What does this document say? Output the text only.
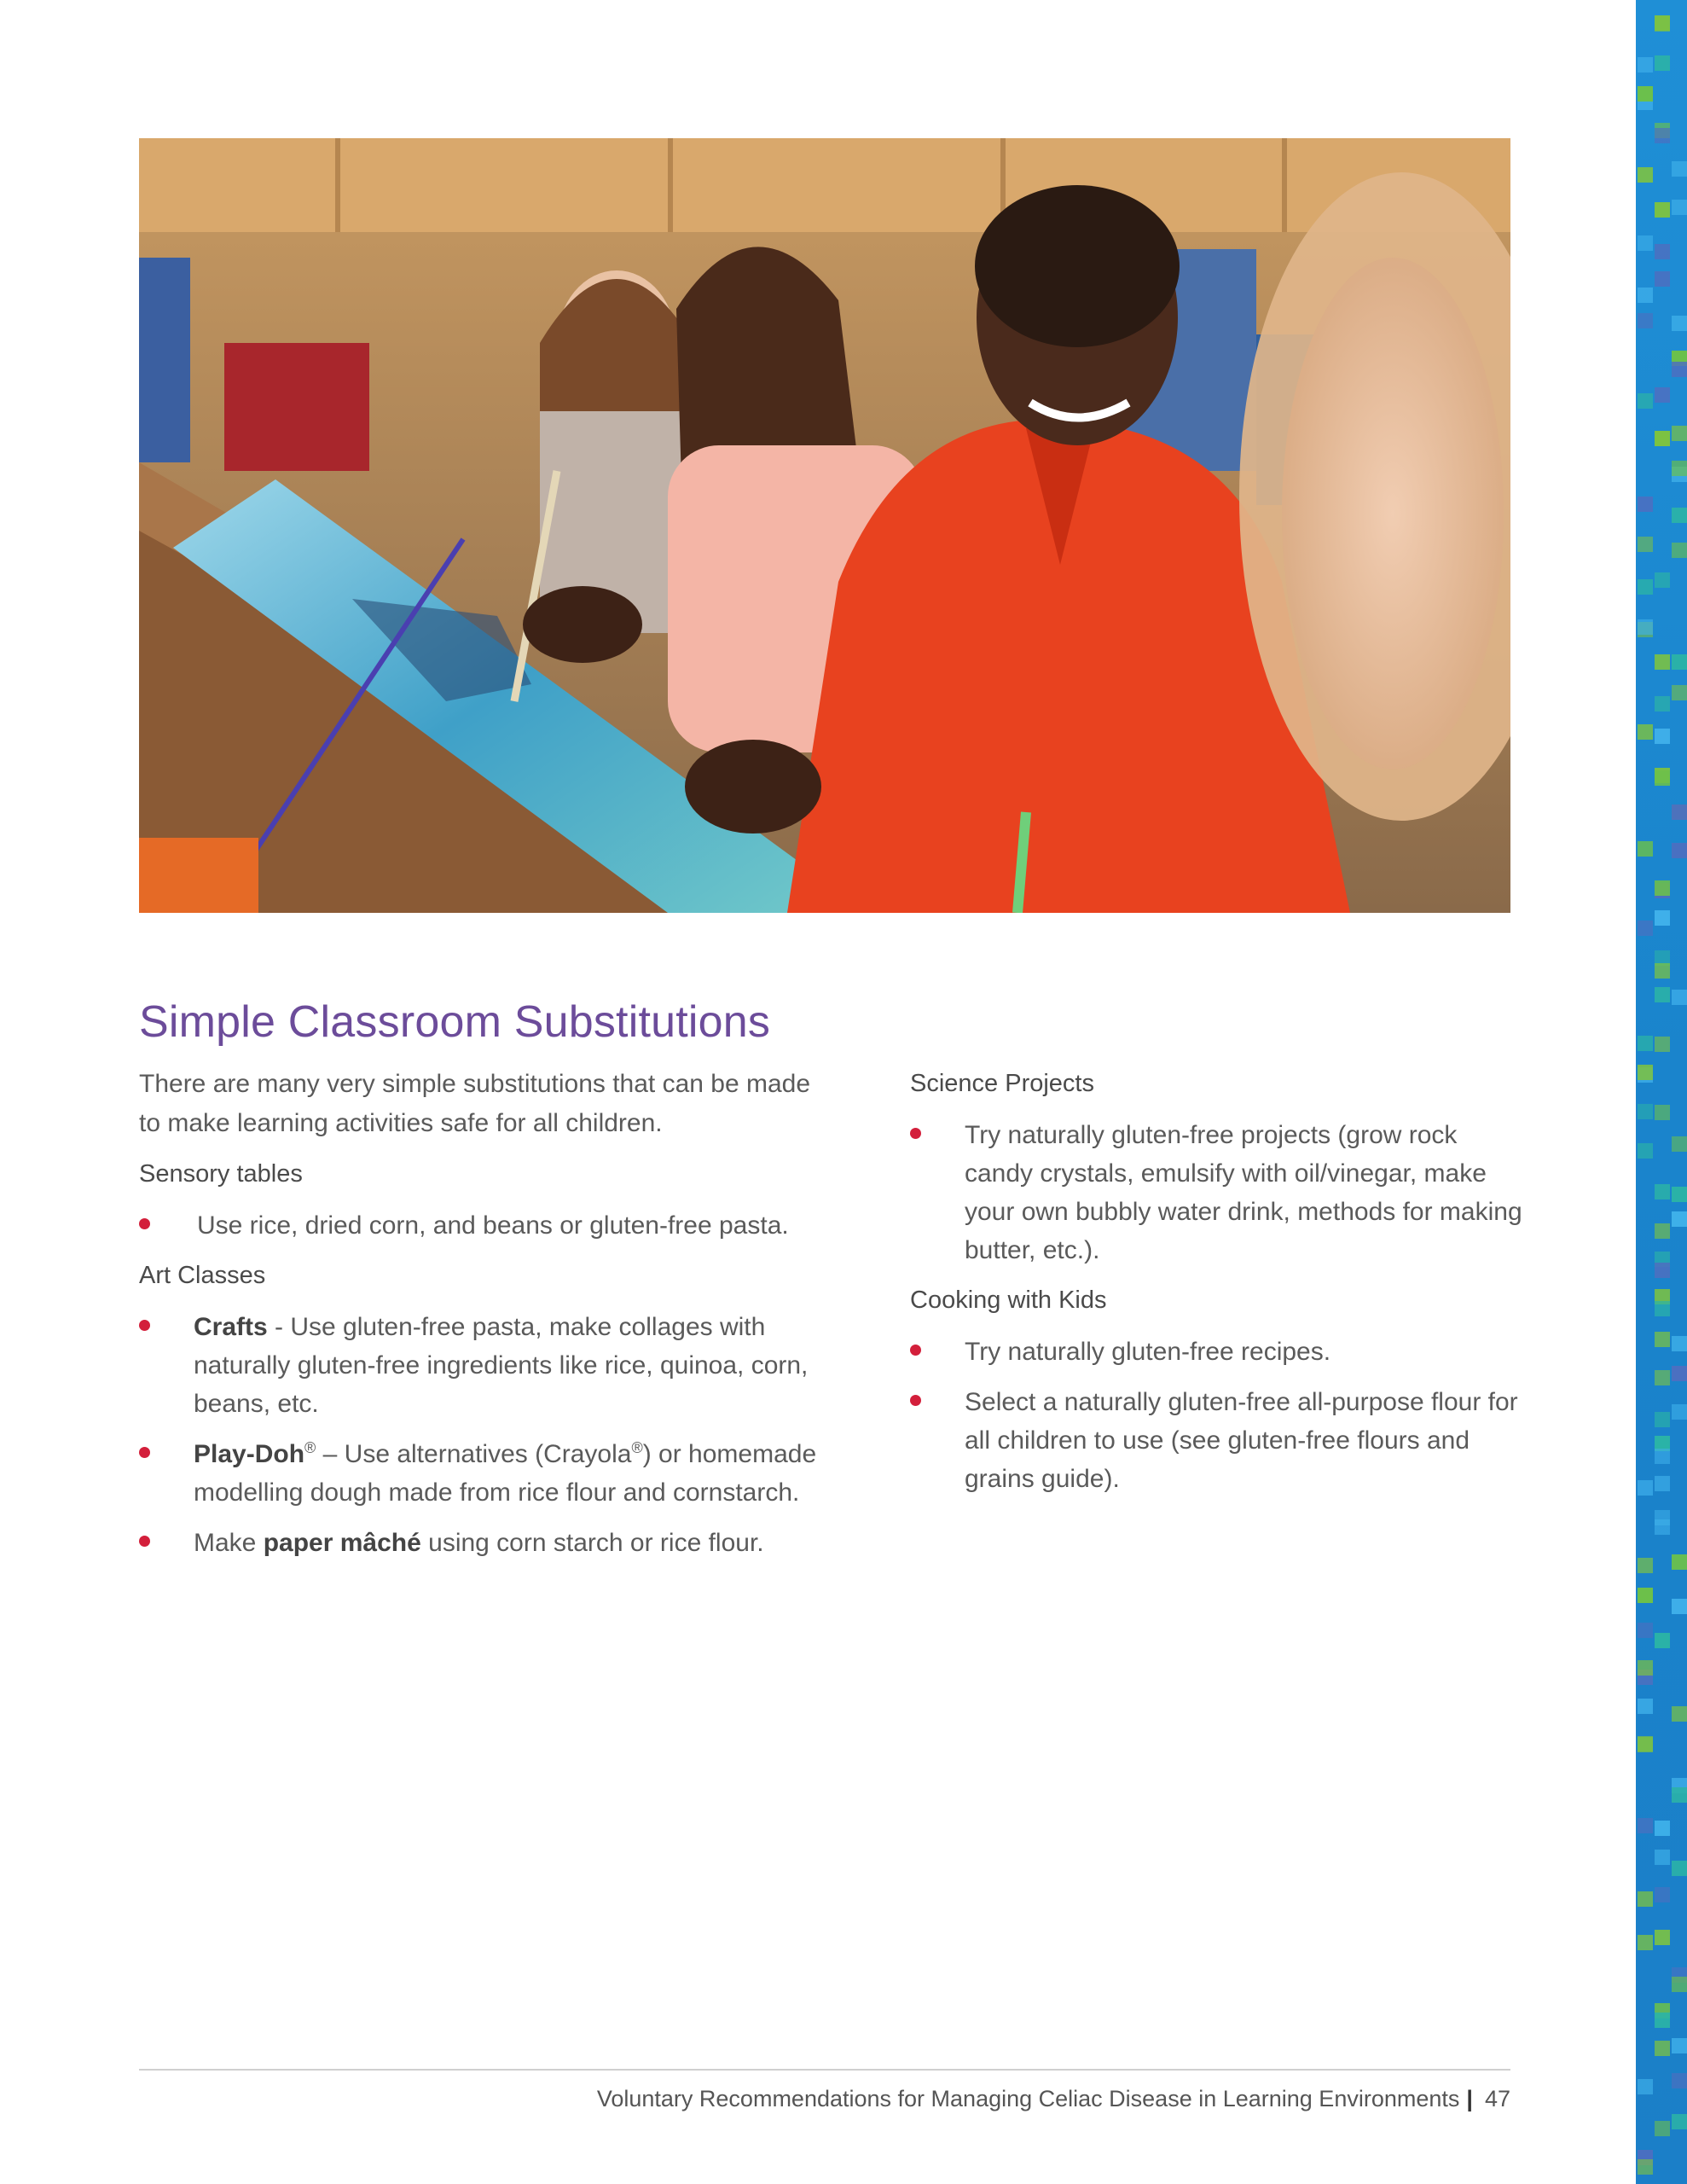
Simple Classroom Substitutions

There are many very simple substitutions that can be made to make learning activities safe for all children.

Sensory tables
Use rice, dried corn, and beans or gluten-free pasta.
Art Classes
Crafts - Use gluten-free pasta, make collages with naturally gluten-free ingredients like rice, quinoa, corn, beans, etc.
Play-Doh® – Use alternatives (Crayola®) or homemade modelling dough made from rice flour and cornstarch.
Make paper mâché using corn starch or rice flour.
Science Projects
Try naturally gluten-free projects (grow rock candy crystals, emulsify with oil/vinegar, make your own bubbly water drink, methods for making butter, etc.).
Cooking with Kids
Try naturally gluten-free recipes.
Select a naturally gluten-free all-purpose flour for all children to use (see gluten-free flours and grains guide).
Voluntary Recommendations for Managing Celiac Disease in Learning Environments | 47
